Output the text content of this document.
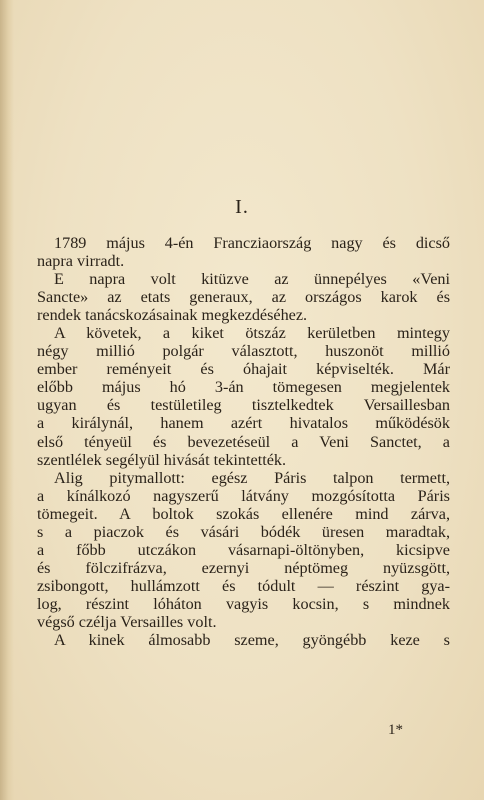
I.
1789 május 4-én Francziaország nagy és dicső
napra virradt.
E napra volt kitüzve az ünnepélyes «Veni
Sancte» az etats generaux, az országos karok és
rendek tanácskozásainak megkezdéséhez.
A követek, a kiket ötszáz kerületben mintegy
négy millió polgár választott, huszonöt millió
ember reményeit és óhajait képviselték. Már
előbb május hó 3-án tömegesen megjelentek
ugyan és testületileg tisztelkedtek Versaillesban
a királynál, hanem azért hivatalos működésök
első tényeül és bevezetéseül a Veni Sanctet, a
szentlélek segélyül hivását tekintették.
Alig pitymallott: egész Páris talpon termett,
a kínálkozó nagyszerű látvány mozgósította Páris
tömegeit. A boltok szokás ellenére mind zárva,
s a piaczok és vásári bódék üresen maradtak,
a főbb utczákon vásarnapi-öltönyben, kicsipve
és fölczifrázva, ezernyi néptömeg nyüzsgött,
zsibongott, hullámzott és tódult — részint gya-
log, részint lóháton vagyis kocsin, s mindnek
végső czélja Versailles volt.
A kinek álmosabb szeme, gyöngébb keze s
1*
